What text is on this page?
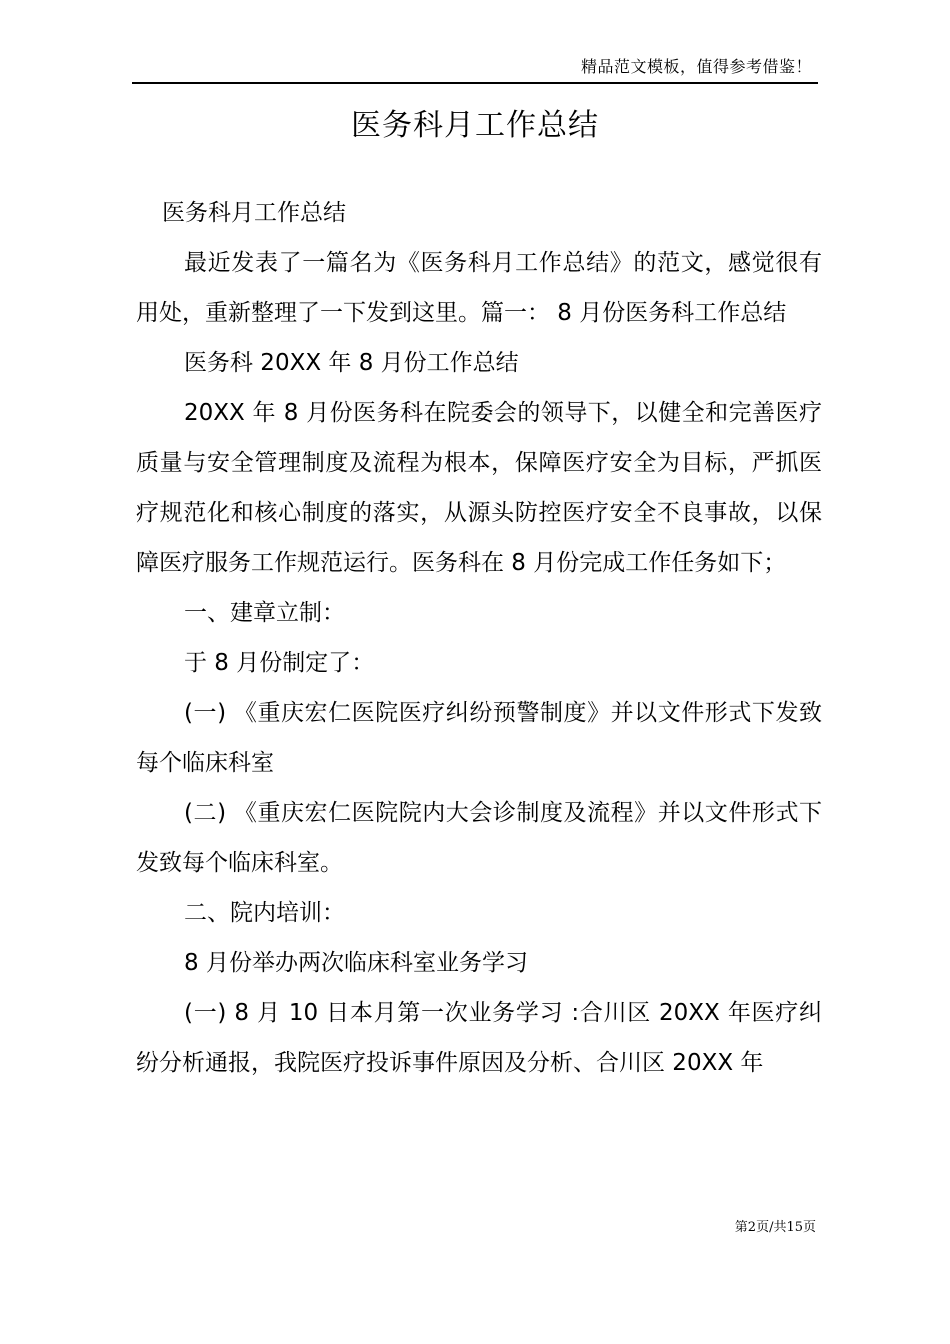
精品范文模板，值得参考借鉴！
医务科月工作总结

医务科月工作总结

最近发表了一篇名为《医务科月工作总结》的范文，感觉很有用处，重新整理了一下发到这里。篇一： 8 月份医务科工作总结

医务科 20XX 年 8 月份工作总结

20XX 年 8 月份医务科在院委会的领导下，以健全和完善医疗质量与安全管理制度及流程为根本，保障医疗安全为目标，严抓医疗规范化和核心制度的落实，从源头防控医疗安全不良事故，以保障医疗服务工作规范运行。医务科在 8 月份完成工作任务如下；

一、建章立制：

于 8 月份制定了：

(一) 《重庆宏仁医院医疗纠纷预警制度》并以文件形式下发致每个临床科室

(二) 《重庆宏仁医院院内大会诊制度及流程》并以文件形式下发致每个临床科室。

二、院内培训：

8 月份举办两次临床科室业务学习

(一) 8 月 10 日本月第一次业务学习 :合川区 20XX 年医疗纠纷分析通报，我院医疗投诉事件原因及分析、合川区 20XX 年

第2页/共15页
